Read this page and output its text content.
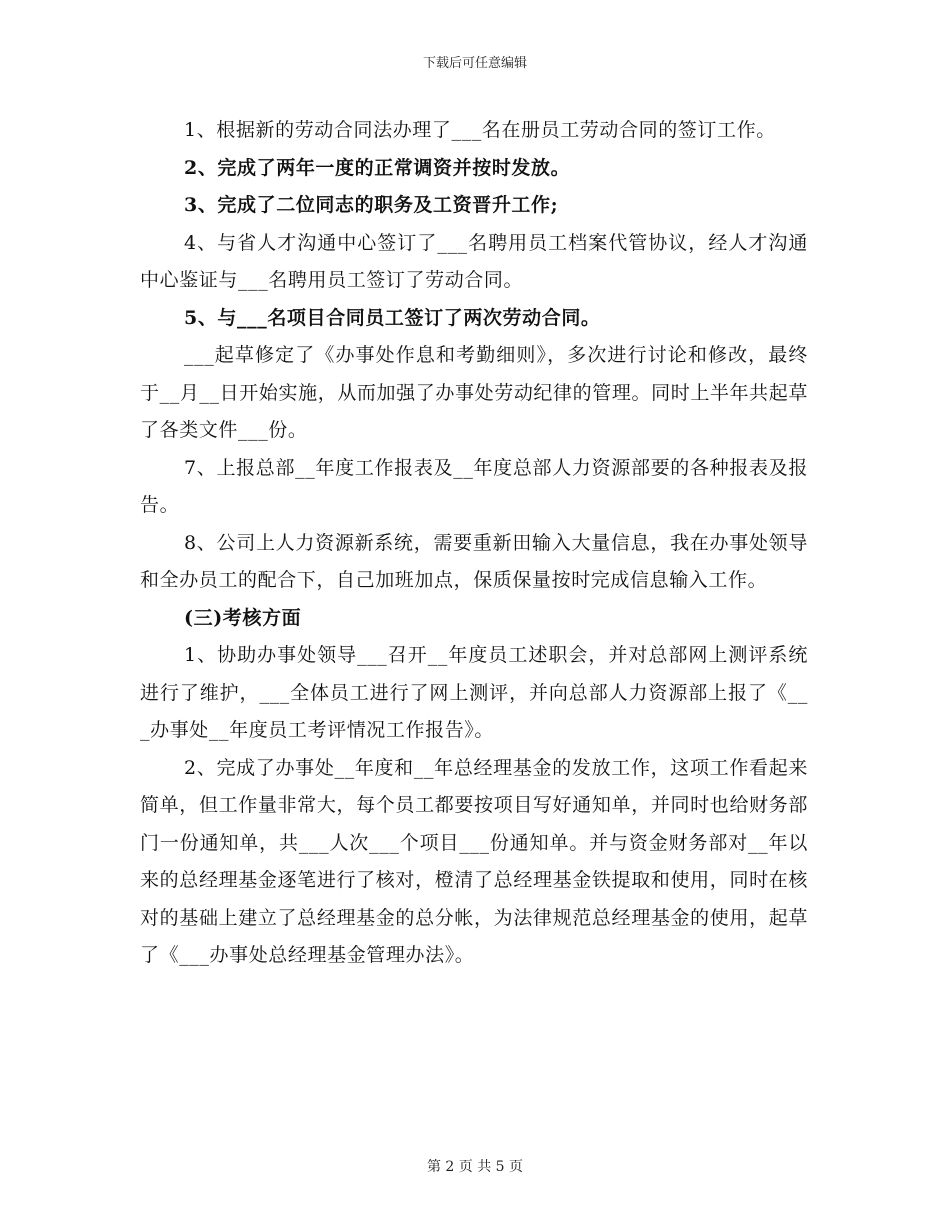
下载后可任意编辑

1、根据新的劳动合同法办理了___名在册员工劳动合同的签订工作。

2、完成了两年一度的正常调资并按时发放。

3、完成了二位同志的职务及工资晋升工作;

4、与省人才沟通中心签订了___名聘用员工档案代管协议，经人才沟通中心鉴证与___名聘用员工签订了劳动合同。

5、与___名项目合同员工签订了两次劳动合同。

___起草修定了《办事处作息和考勤细则》，多次进行讨论和修改，最终于__月__日开始实施，从而加强了办事处劳动纪律的管理。同时上半年共起草了各类文件___份。

7、上报总部__年度工作报表及__年度总部人力资源部要的各种报表及报告。

8、公司上人力资源新系统，需要重新田输入大量信息，我在办事处领导和全办员工的配合下，自己加班加点，保质保量按时完成信息输入工作。

(三)考核方面

1、协助办事处领导___召开__年度员工述职会，并对总部网上测评系统进行了维护，___全体员工进行了网上测评，并向总部人力资源部上报了《___办事处__年度员工考评情况工作报告》。

2、完成了办事处__年度和__年总经理基金的发放工作，这项工作看起来简单，但工作量非常大，每个员工都要按项目写好通知单，并同时也给财务部门一份通知单，共___人次___个项目___份通知单。并与资金财务部对__年以来的总经理基金逐笔进行了核对，橙清了总经理基金铁提取和使用，同时在核对的基础上建立了总经理基金的总分帐，为法律规范总经理基金的使用，起草了《___办事处总经理基金管理办法》。

第 2 页 共 5 页
